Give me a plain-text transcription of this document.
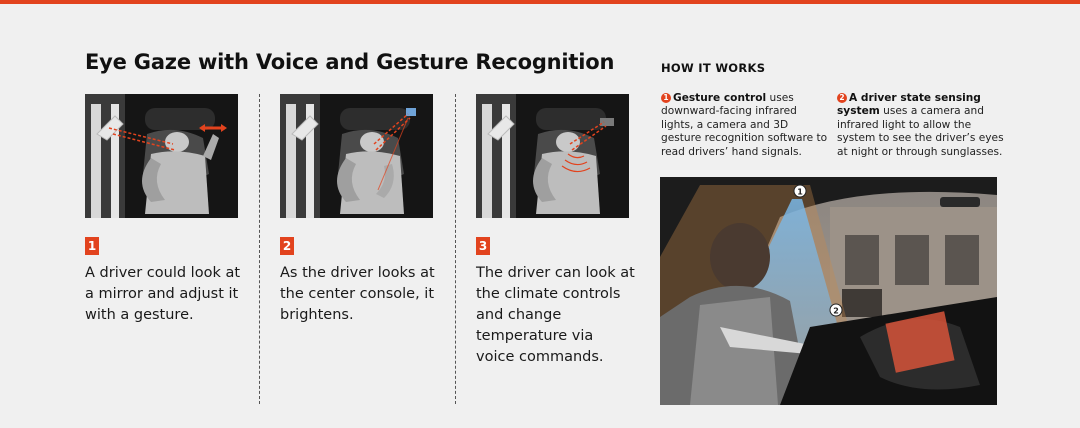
Eye Gaze with Voice and Gesture Recognition
1

A driver could look at a mirror and adjust it with a gesture.

2

As the driver looks at the center console, it brightens.

3

The driver can look at the climate controls and change temperature via voice commands.

HOW IT WORKS
1 Gesture control uses downward-facing infrared lights, a camera and 3D gesture recognition software to read drivers’ hand signals.
2 A driver state sensing system uses a camera and infrared light to allow the system to see the driver’s eyes at night or through sunglasses.
1
2
